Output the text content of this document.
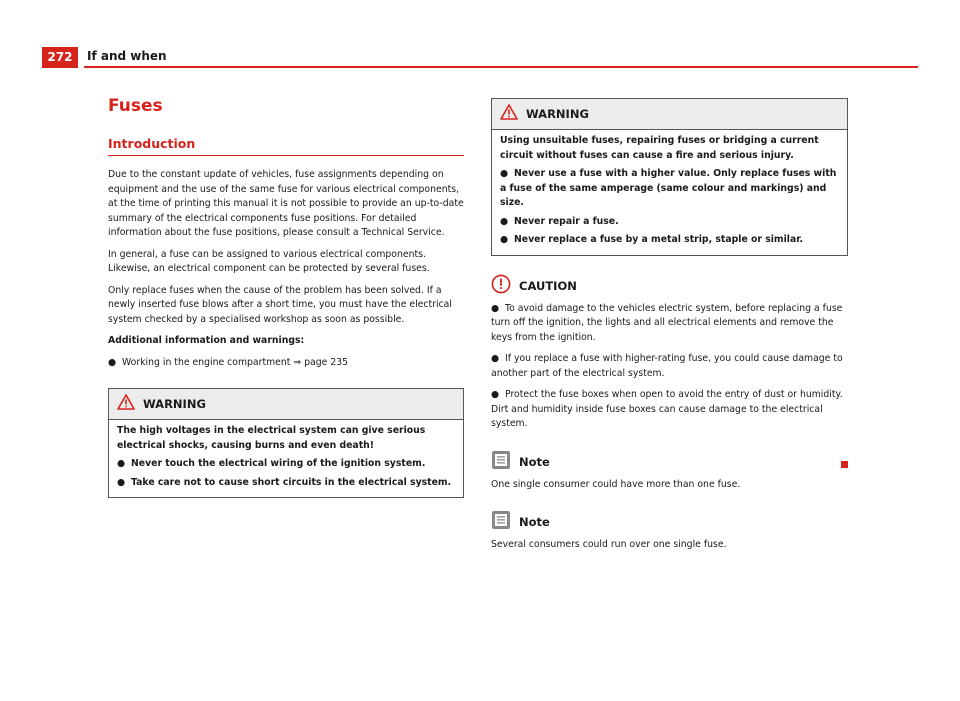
272	If and when
Fuses
Introduction

Due to the constant update of vehicles, fuse assignments depending on equipment and the use of the same fuse for various electrical components, at the time of printing this manual it is not possible to provide an up-to-date summary of the electrical components fuse positions. For detailed information about the fuse positions, please consult a Technical Service.

In general, a fuse can be assigned to various electrical components. Likewise, an electrical component can be protected by several fuses.

Only replace fuses when the cause of the problem has been solved. If a newly inserted fuse blows after a short time, you must have the electrical system checked by a specialised workshop as soon as possible.

Additional information and warnings:

● Working in the engine compartment ⇒ page 235
WARNING

The high voltages in the electrical system can give serious electrical shocks, causing burns and even death!

● Never touch the electrical wiring of the ignition system.

● Take care not to cause short circuits in the electrical system.

WARNING

Using unsuitable fuses, repairing fuses or bridging a current circuit without fuses can cause a fire and serious injury.

● Never use a fuse with a higher value. Only replace fuses with a fuse of the same amperage (same colour and markings) and size.

● Never repair a fuse.

● Never replace a fuse by a metal strip, staple or similar.

CAUTION
● To avoid damage to the vehicles electric system, before replacing a fuse turn off the ignition, the lights and all electrical elements and remove the keys from the ignition.
● If you replace a fuse with higher-rating fuse, you could cause damage to another part of the electrical system.
● Protect the fuse boxes when open to avoid the entry of dust or humidity. Dirt and humidity inside fuse boxes can cause damage to the electrical system.
Note

One single consumer could have more than one fuse.

Note

Several consumers could run over one single fuse.
